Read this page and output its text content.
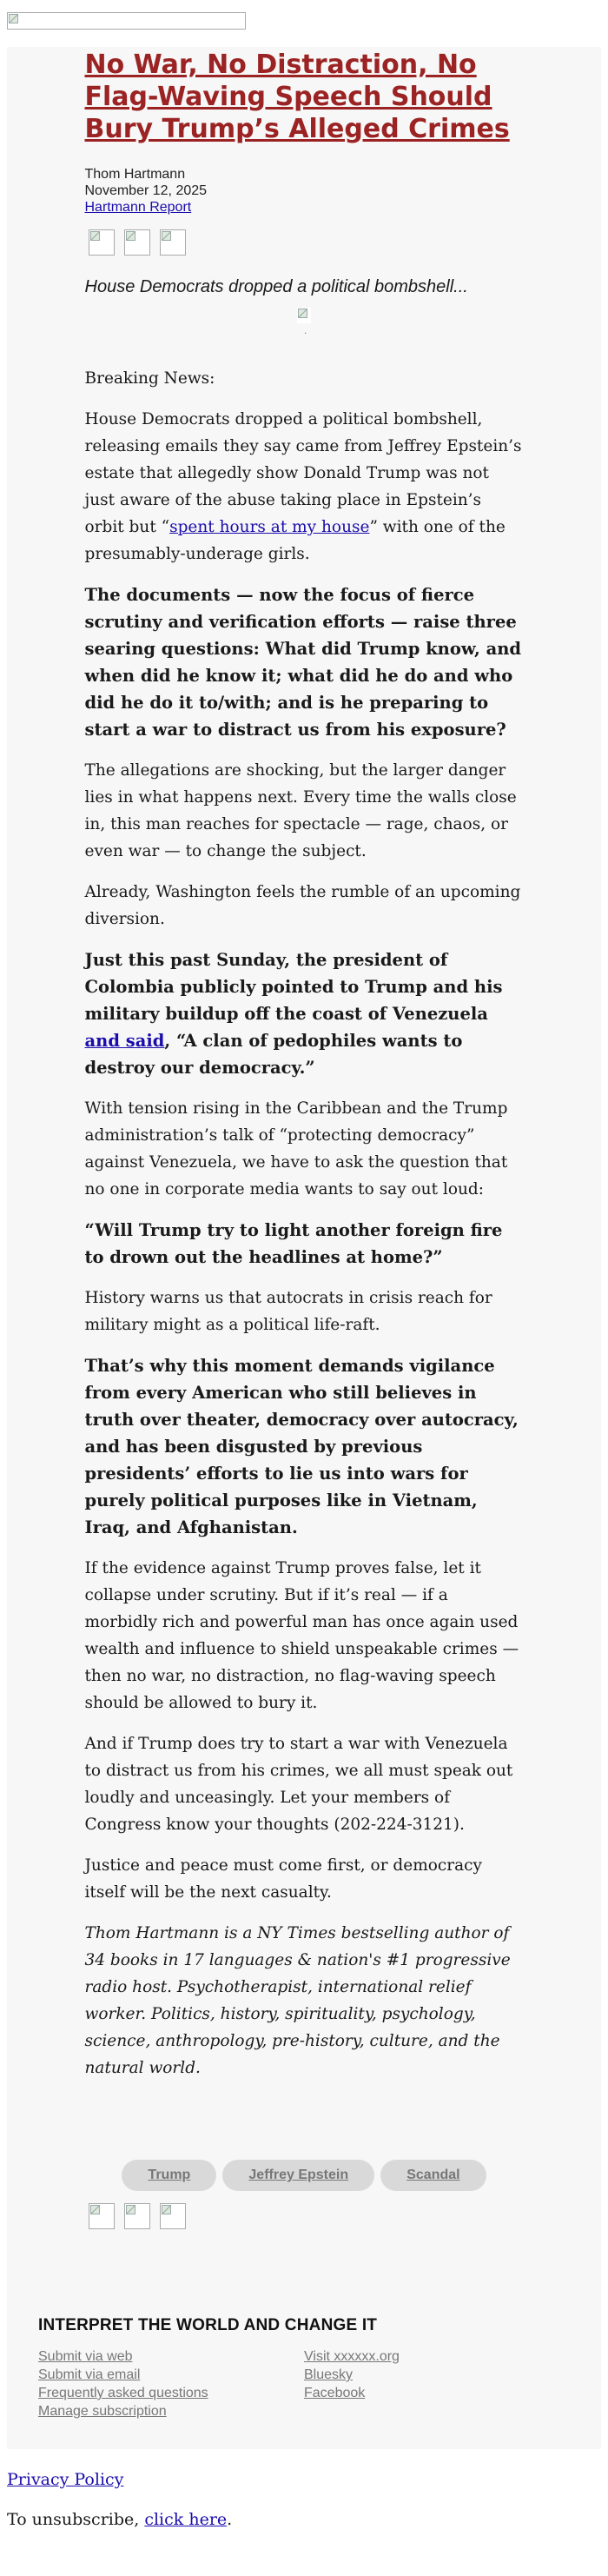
No War, No Distraction, No Flag-Waving Speech Should Bury Trump’s Alleged Crimes
Thom Hartmann
November 12, 2025
Hartmann Report
House Democrats dropped a political bombshell...
.

Breaking News:

House Democrats dropped a political bombshell, releasing emails they say came from Jeffrey Epstein’s estate that allegedly show Donald Trump was not just aware of the abuse taking place in Epstein’s orbit but “spent hours at my house” with one of the presumably-underage girls.

The documents — now the focus of fierce scrutiny and verification efforts — raise three searing questions: What did Trump know, and when did he know it; what did he do and who did he do it to/with; and is he preparing to start a war to distract us from his exposure?

The allegations are shocking, but the larger danger lies in what happens next. Every time the walls close in, this man reaches for spectacle — rage, chaos, or even war — to change the subject.

Already, Washington feels the rumble of an upcoming diversion.

Just this past Sunday, the president of Colombia publicly pointed to Trump and his military buildup off the coast of Venezuela and said, “A clan of pedophiles wants to destroy our democracy.”

With tension rising in the Caribbean and the Trump administration’s talk of “protecting democracy” against Venezuela, we have to ask the question that no one in corporate media wants to say out loud:

“Will Trump try to light another foreign fire to drown out the headlines at home?”

History warns us that autocrats in crisis reach for military might as a political life-raft.

That’s why this moment demands vigilance from every American who still believes in truth over theater, democracy over autocracy, and has been disgusted by previous presidents’ efforts to lie us into wars for purely political purposes like in Vietnam, Iraq, and Afghanistan.

If the evidence against Trump proves false, let it collapse under scrutiny. But if it’s real — if a morbidly rich and powerful man has once again used wealth and influence to shield unspeakable crimes — then no war, no distraction, no flag-waving speech should be allowed to bury it.

And if Trump does try to start a war with Venezuela to distract us from his crimes, we all must speak out loudly and unceasingly. Let your members of Congress know your thoughts (202-224-3121).

Justice and peace must come first, or democracy itself will be the next casualty.

Thom Hartmann is a NY Times bestselling author of 34 books in 17 languages & nation's #1 progressive radio host. Psychotherapist, international relief worker. Politics, history, spirituality, psychology, science, anthropology, pre-history, culture, and the natural world.

Trump	Jeffrey Epstein	Scandal
INTERPRET THE WORLD AND CHANGE IT
Submit via web
Submit via email
Frequently asked questions
Manage subscription
Visit xxxxxx.org
Bluesky
Facebook

Privacy Policy

To unsubscribe, click here.
